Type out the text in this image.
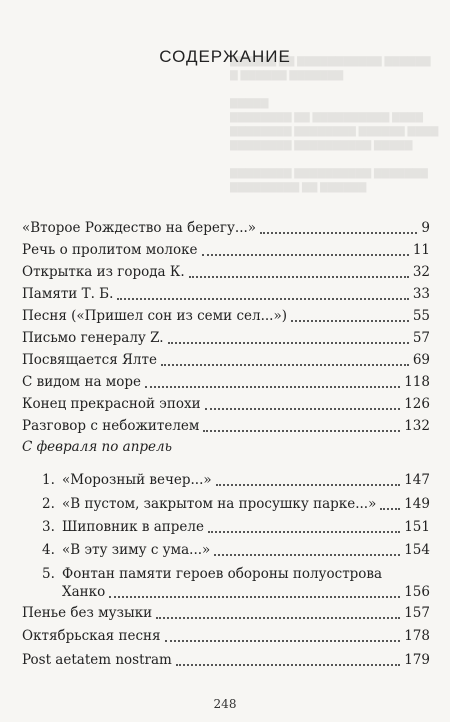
▇▇▇▇▇▇ ▇▇ ▇▇▇▇▇▇▇▇▇▇▇ ▇▇▇▇▇▇
▇ ▇▇▇▇▇▇ ▇▇▇▇▇▇▇
▇▇▇▇▇
▇▇▇▇▇▇▇▇ ▇▇ ▇▇▇▇▇▇▇▇▇▇ ▇▇▇▇
▇▇▇▇▇▇▇▇ ▇▇▇▇▇▇▇▇ ▇▇▇▇▇▇ ▇▇▇▇
▇▇▇▇▇▇▇▇ ▇▇▇▇▇▇▇▇▇▇ ▇▇▇▇▇
▇▇▇▇▇▇▇▇ ▇▇▇▇▇▇▇▇▇▇ ▇▇▇▇▇▇▇
▇▇▇▇▇▇▇▇▇ ▇▇ ▇▇▇▇▇▇
СОДЕРЖАНИЕ
«Второе Рождество на берегу...»	9
Речь о пролитом молоке	11
Открытка из города К.	32
Памяти Т. Б.	33
Песня («Пришел сон из семи сел...»)	55
Письмо генералу Z.	57
Посвящается Ялте	69
С видом на море	118
Конец прекрасной эпохи	126
Разговор с небожителем	132
С февраля по апрель
1. «Морозный вечер...»	147
2. «В пустом, закрытом на просушку парке...» 149
3. Шиповник в апреле	151
4. «В эту зиму с ума...»	154
5. Фонтан памяти героев обороны полуострова
Ханко	156
Пенье без музыки	157
Октябрьская песня	178
Post aetatem nostram	179
248
